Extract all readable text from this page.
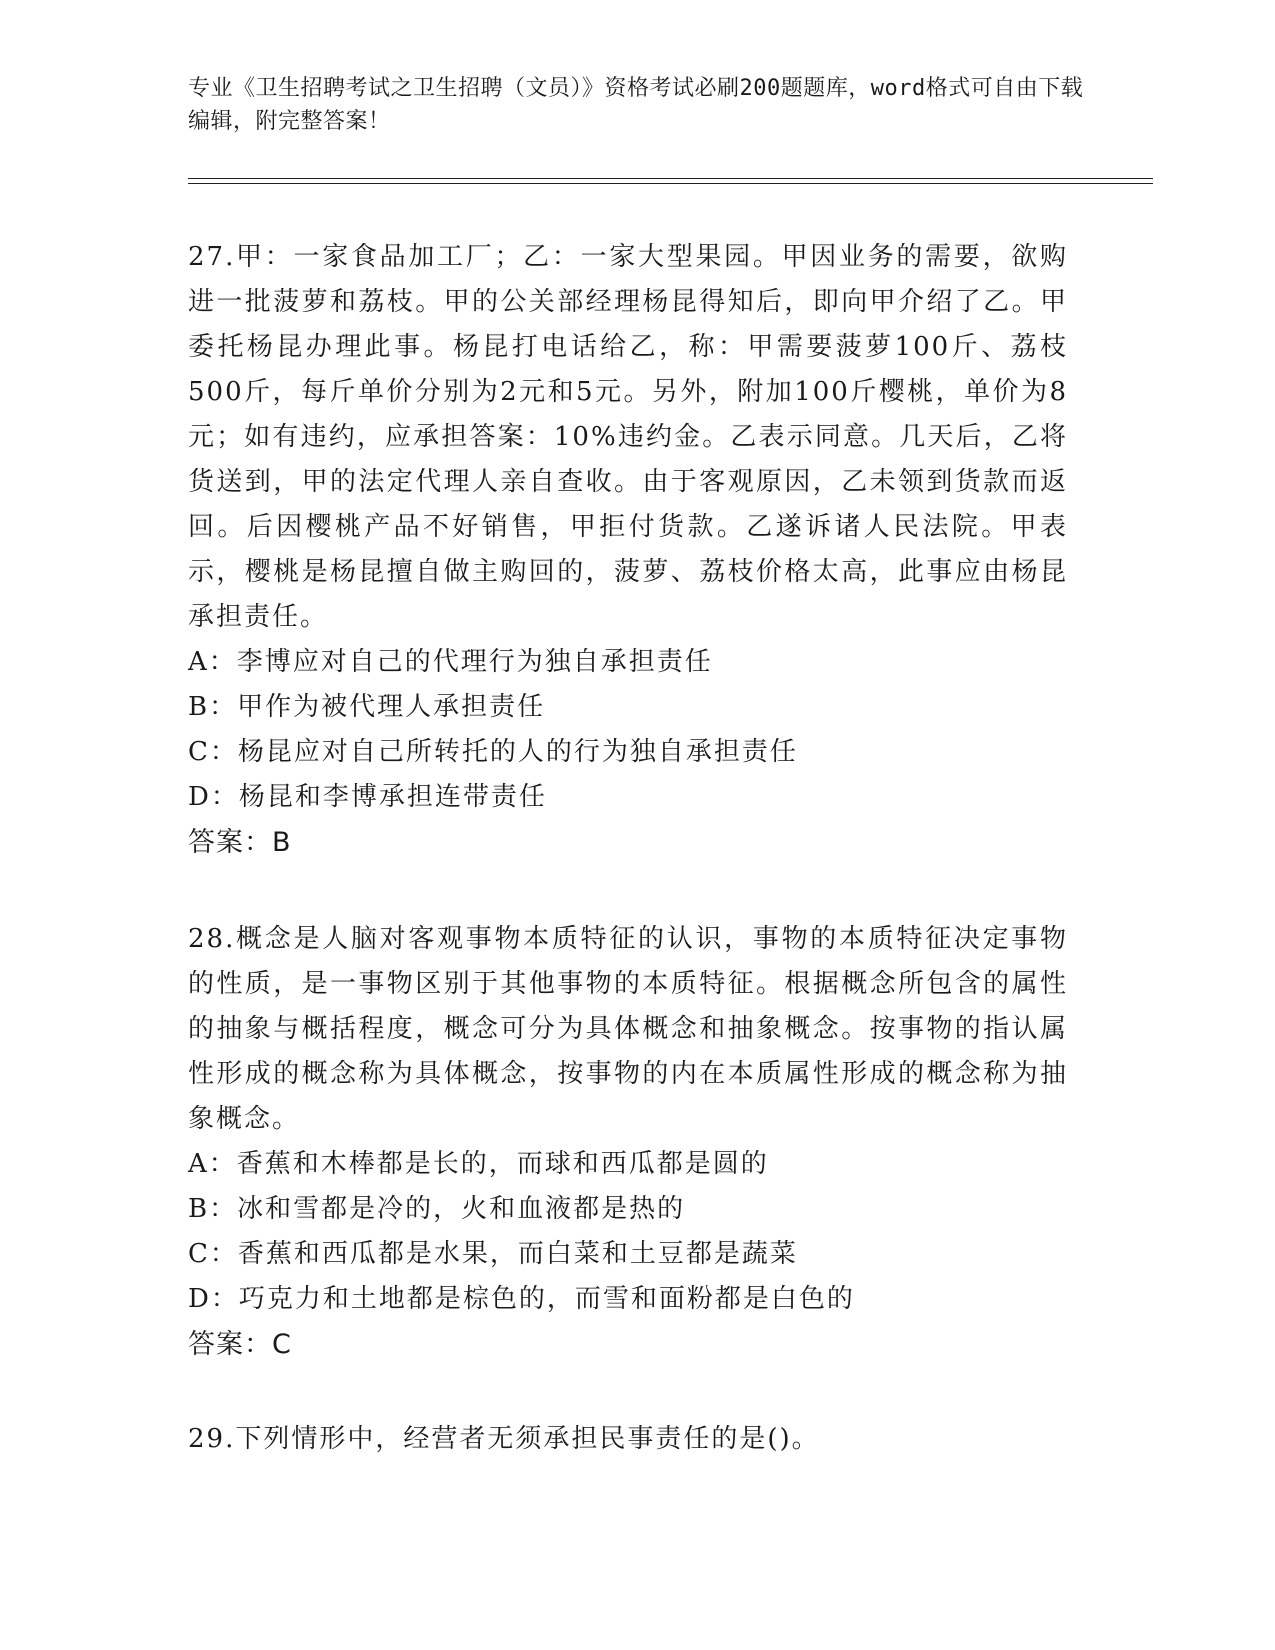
专业《卫生招聘考试之卫生招聘（文员）》资格考试必刷200题题库，word格式可自由下载编辑，附完整答案！

27.甲：一家食品加工厂；乙：一家大型果园。甲因业务的需要，欲购进一批菠萝和荔枝。甲的公关部经理杨昆得知后，即向甲介绍了乙。甲委托杨昆办理此事。杨昆打电话给乙，称：甲需要菠萝100斤、荔枝500斤，每斤单价分别为2元和5元。另外，附加100斤樱桃，单价为8元；如有违约，应承担答案：10%违约金。乙表示同意。几天后，乙将货送到，甲的法定代理人亲自查收。由于客观原因，乙未领到货款而返回。后因樱桃产品不好销售，甲拒付货款。乙遂诉诸人民法院。甲表示，樱桃是杨昆擅自做主购回的，菠萝、荔枝价格太高，此事应由杨昆承担责任。

A：李博应对自己的代理行为独自承担责任

B：甲作为被代理人承担责任

C：杨昆应对自己所转托的人的行为独自承担责任

D：杨昆和李博承担连带责任

答案：B

28.概念是人脑对客观事物本质特征的认识，事物的本质特征决定事物的性质，是一事物区别于其他事物的本质特征。根据概念所包含的属性的抽象与概括程度，概念可分为具体概念和抽象概念。按事物的指认属性形成的概念称为具体概念，按事物的内在本质属性形成的概念称为抽象概念。

A：香蕉和木棒都是长的，而球和西瓜都是圆的

B：冰和雪都是冷的，火和血液都是热的

C：香蕉和西瓜都是水果，而白菜和土豆都是蔬菜

D：巧克力和土地都是棕色的，而雪和面粉都是白色的

答案：C

29.下列情形中，经营者无须承担民事责任的是()。
